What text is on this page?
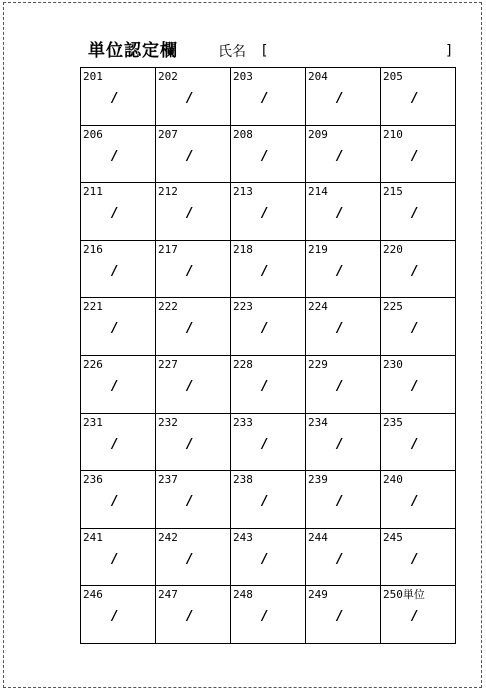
単位認定欄	氏名 [	]
201
/
202
/
203
/
204
/
205
/
206
/
207
/
208
/
209
/
210
/
211
/
212
/
213
/
214
/
215
/
216
/
217
/
218
/
219
/
220
/
221
/
222
/
223
/
224
/
225
/
226
/
227
/
228
/
229
/
230
/
231
/
232
/
233
/
234
/
235
/
236
/
237
/
238
/
239
/
240
/
241
/
242
/
243
/
244
/
245
/
246
/
247
/
248
/
249
/
250単位
/
